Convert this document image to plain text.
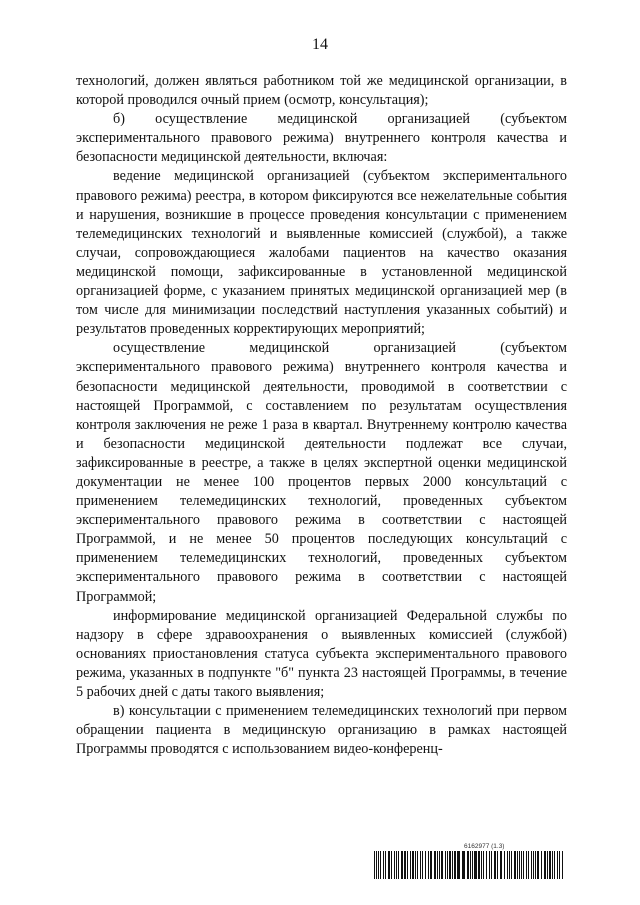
14

технологий, должен являться работником той же медицинской организации, в которой проводился очный прием (осмотр, консультация);

б) осуществление медицинской организацией (субъектом экспериментального правового режима) внутреннего контроля качества и безопасности медицинской деятельности, включая:

ведение медицинской организацией (субъектом экспериментального правового режима) реестра, в котором фиксируются все нежелательные события и нарушения, возникшие в процессе проведения консультации с применением телемедицинских технологий и выявленные комиссией (службой), а также случаи, сопровождающиеся жалобами пациентов на качество оказания медицинской помощи, зафиксированные в установленной медицинской организацией форме, с указанием принятых медицинской организацией мер (в том числе для минимизации последствий наступления указанных событий) и результатов проведенных корректирующих мероприятий;

осуществление медицинской организацией (субъектом экспериментального правового режима) внутреннего контроля качества и безопасности медицинской деятельности, проводимой в соответствии с настоящей Программой, с составлением по результатам осуществления контроля заключения не реже 1 раза в квартал. Внутреннему контролю качества и безопасности медицинской деятельности подлежат все случаи, зафиксированные в реестре, а также в целях экспертной оценки медицинской документации не менее 100 процентов первых 2000 консультаций с применением телемедицинских технологий, проведенных субъектом экспериментального правового режима в соответствии с настоящей Программой, и не менее 50 процентов последующих консультаций с применением телемедицинских технологий, проведенных субъектом экспериментального правового режима в соответствии с настоящей Программой;

информирование медицинской организацией Федеральной службы по надзору в сфере здравоохранения о выявленных комиссией (службой) основаниях приостановления статуса субъекта экспериментального правового режима, указанных в подпункте "б" пункта 23 настоящей Программы, в течение 5 рабочих дней с даты такого выявления;

в) консультации с применением телемедицинских технологий при первом обращении пациента в медицинскую организацию в рамках настоящей Программы проводятся с использованием видео-конференц-

6162977 (1.3)
